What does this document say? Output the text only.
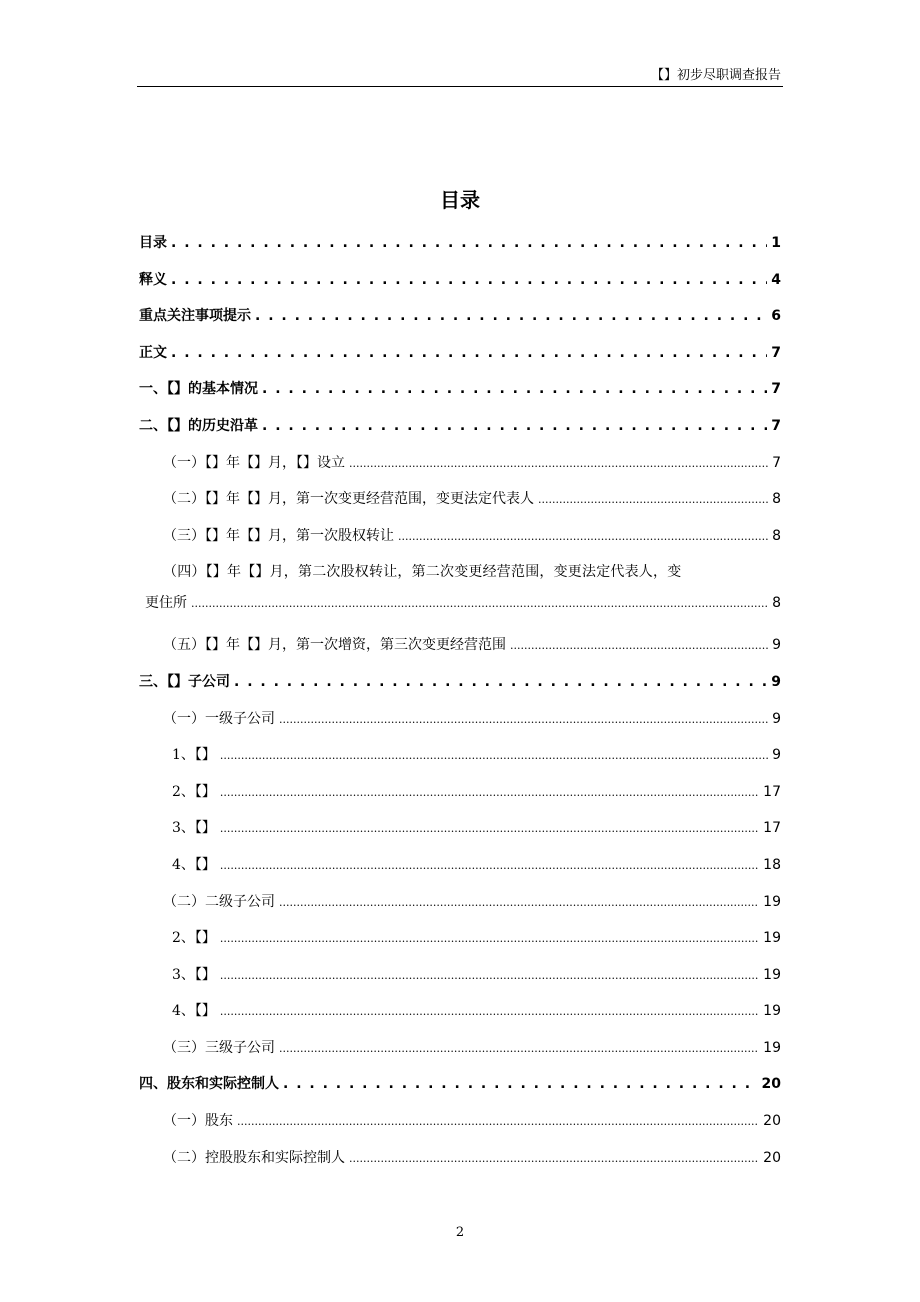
【】初步尽职调查报告
目录
目录 . . .	1
释义 . . .	4
重点关注事项提示 . . .	6
正文 . . .	7
一、【】的基本情况 . . .	7
二、【】的历史沿革 . . .	7
（一）【】年【】月，【】设立 .....	7
（二）【】年【】月，第一次变更经营范围，变更法定代表人 .....	8
（三）【】年【】月，第一次股权转让 .....	8
（四）【】年【】月，第二次股权转让，第二次变更经营范围，变更法定代表人，变
更住所 .....	8
（五）【】年【】月，第一次增资，第三次变更经营范围 .....	9
三、【】子公司 . . .	9
（一）一级子公司 .....	9
1、【】 .....	9
2、【】 .....	17
3、【】 .....	17
4、【】 .....	18
（二）二级子公司 .....	19
2、【】 .....	19
3、【】 .....	19
4、【】 .....	19
（三）三级子公司 .....	19
四、股东和实际控制人 . . .	20
（一）股东 .....	20
（二）控股股东和实际控制人 .....	20
2
